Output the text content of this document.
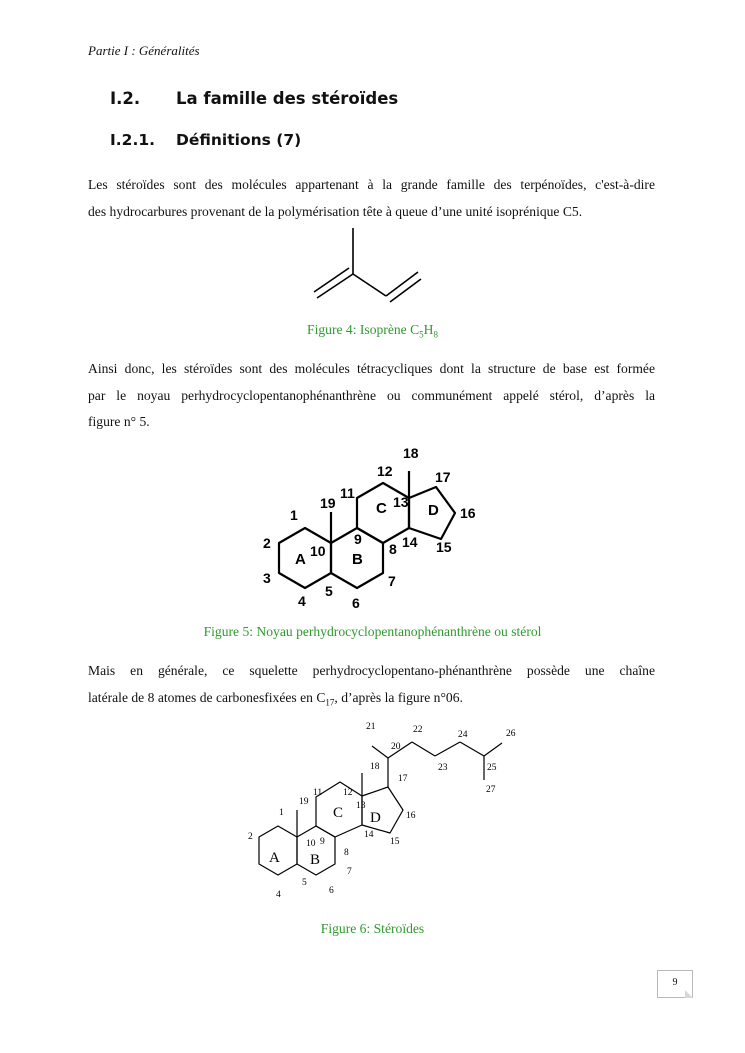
Partie I : Généralités
I.2. La famille des stéroïdes
I.2.1. Définitions (7)
Les stéroïdes sont des molécules appartenant à la grande famille des terpénoïdes, c'est-à-dire
des hydrocarbures provenant de la polymérisation tête à queue d’une unité isoprénique C5.
Figure 4: Isoprène $C_5H_8$
Ainsi donc, les stéroïdes sont des molécules tétracycliques dont la structure de base est formée
par le noyau perhydrocyclopentanophénanthrène ou communément appelé stérol, d’après la
figure n° 5.
1
2
3
4
5
6
7
8
9
10
11
12
13
14 15
16
17
18
19
A	B
C	D
Figure 5: Noyau perhydrocyclopentanophénanthrène ou stérol
Mais en générale, ce squelette perhydrocyclopentano-phénanthrène possède une chaîne
latérale de 8 atomes de carbonesfixées en $C_{17}$, d’après la figure n°06.
1
2
4
5
6
7
8
9
10
11 12
13
14
15
16
17
18
19
20
21	22
23
24
25
26
27
A B
C D
Figure 6: Stéroïdes
9
